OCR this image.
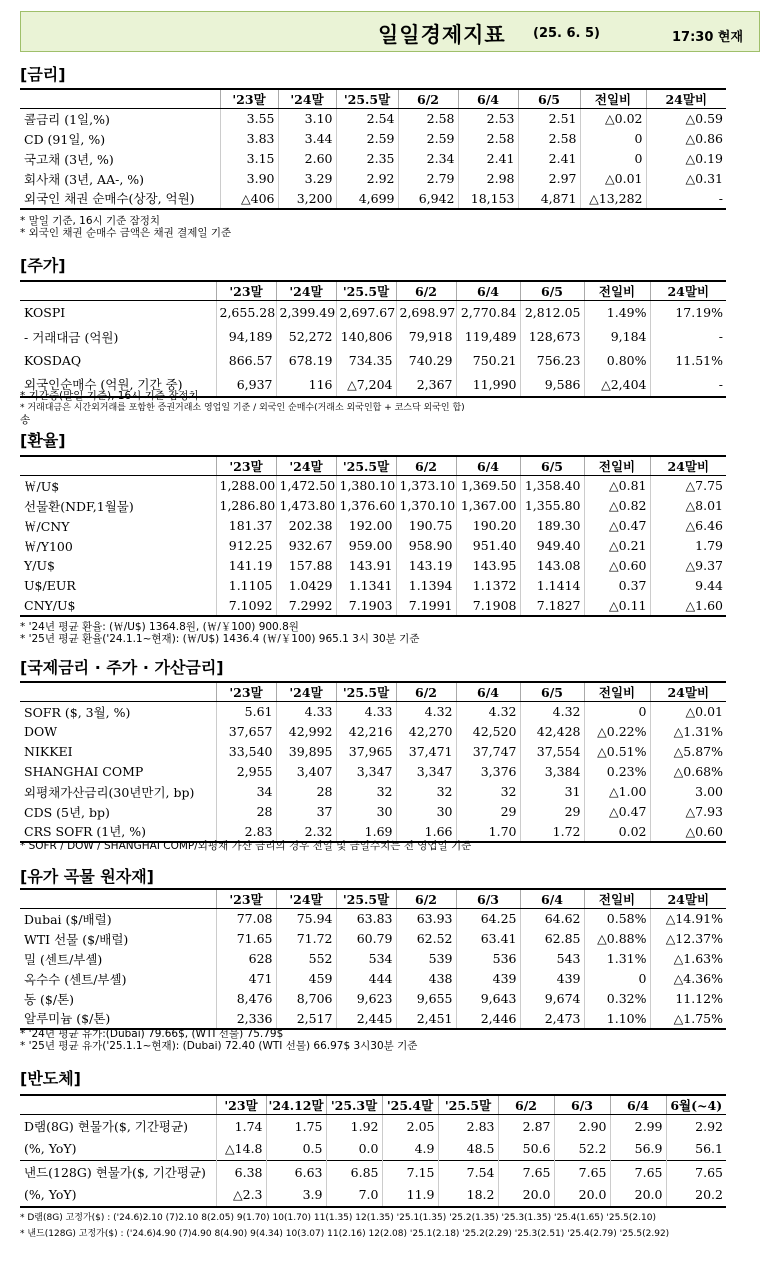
일일경제지표 (25. 6. 5)	17:30 현재
[금리]
	'23말	'24말	'25.5말	6/2	6/4	6/5	전일비	24말비
콜금리 (1일,%)	3.55	3.10	2.54	2.58	2.53	2.51	△0.02	△0.59
CD (91일, %)	3.83	3.44	2.59	2.59	2.58	2.58	0	△0.86
국고채 (3년, %)	3.15	2.60	2.35	2.34	2.41	2.41	0	△0.19
회사채 (3년, AA-, %)	3.90	3.29	2.92	2.79	2.98	2.97	△0.01	△0.31
외국인 채권 순매수(상장, 억원)	△406	3,200	4,699	6,942	18,153	4,871	△13,282	-
* 말일 기준, 16시 기준 잠정치
* 외국인 채권 순매수 금액은 채권 결제일 기준
[주가]
	'23말	'24말	'25.5말	6/2	6/4	6/5	전일비	24말비
KOSPI	2,655.28	2,399.49	2,697.67	2,698.97	2,770.84	2,812.05	1.49%	17.19%
- 거래대금 (억원)	94,189	52,272	140,806	79,918	119,489	128,673	9,184	-
KOSDAQ	866.57	678.19	734.35	740.29	750.21	756.23	0.80%	11.51%
외국인순매수 (억원, 기간 중)	6,937	116	△7,204	2,367	11,990	9,586	△2,404	-
* 기간중(말일 기준), 16시 기준 잠정치
* 거래대금은 시간외거래를 포함한 증권거래소 영업일 기준 / 외국인 순매수(거래소 외국인합 + 코스닥 외국인 합)
송
[환율]
	'23말	'24말	'25.5말	6/2	6/4	6/5	전일비	24말비
￦/U$	1,288.00	1,472.50	1,380.10	1,373.10	1,369.50	1,358.40	△0.81	△7.75
선물환(NDF,1월물)	1,286.80	1,473.80	1,376.60	1,370.10	1,367.00	1,355.80	△0.82	△8.01
￦/CNY	181.37	202.38	192.00	190.75	190.20	189.30	△0.47	△6.46
￦/Y100	912.25	932.67	959.00	958.90	951.40	949.40	△0.21	1.79
Y/U$	141.19	157.88	143.91	143.19	143.95	143.08	△0.60	△9.37
U$/EUR	1.1105	1.0429	1.1341	1.1394	1.1372	1.1414	0.37	9.44
CNY/U$	7.1092	7.2992	7.1903	7.1991	7.1908	7.1827	△0.11	△1.60
* '24년 평균 환율: (￦/U$) 1364.8원, (￦/￥100) 900.8원
* '25년 평균 환율('24.1.1~현재): (￦/U$) 1436.4 (￦/￥100) 965.1 3시 30분 기준
[국제금리 · 주가 · 가산금리]
	'23말	'24말	'25.5말	6/2	6/4	6/5	전일비	24말비
SOFR ($, 3월, %)	5.61	4.33	4.33	4.32	4.32	4.32	0	△0.01
DOW	37,657	42,992	42,216	42,270	42,520	42,428	△0.22%	△1.31%
NIKKEI	33,540	39,895	37,965	37,471	37,747	37,554	△0.51%	△5.87%
SHANGHAI COMP	2,955	3,407	3,347	3,347	3,376	3,384	0.23%	△0.68%
외평채가산금리(30년만기, bp)	34	28	32	32	32	31	△1.00	3.00
CDS (5년, bp)	28	37	30	30	29	29	△0.47	△7.93
CRS SOFR (1년, %)	2.83	2.32	1.69	1.66	1.70	1.72	0.02	△0.60
* SOFR / DOW / SHANGHAI COMP/외평채 가산 금리의 경우 전일 및 금일수치는 전 영업일 기준
[유가 곡물 원자재]
	'23말	'24말	'25.5말	6/2	6/3	6/4	전일비	24말비
Dubai ($/배럴)	77.08	75.94	63.83	63.93	64.25	64.62	0.58%	△14.91%
WTI 선물 ($/배럴)	71.65	71.72	60.79	62.52	63.41	62.85	△0.88%	△12.37%
밀 (센트/부셸)	628	552	534	539	536	543	1.31%	△1.63%
옥수수 (센트/부셸)	471	459	444	438	439	439	0	△4.36%
동 ($/톤)	8,476	8,706	9,623	9,655	9,643	9,674	0.32%	11.12%
알루미늄 ($/톤)	2,336	2,517	2,445	2,451	2,446	2,473	1.10%	△1.75%
* '24년 평균 유가:(Dubai) 79.66$, (WTI 선물) 75.79$
* '25년 평균 유가('25.1.1~현재): (Dubai) 72.40 (WTI 선물) 66.97$ 3시30분 기준
[반도체]
	'23말	'24.12말	'25.3말	'25.4말	'25.5말	6/2	6/3	6/4	6월(~4)
D램(8G) 현물가($, 기간평균)	1.74	1.75	1.92	2.05	2.83	2.87	2.90	2.99	2.92
(%, YoY)	△14.8	0.5	0.0	4.9	48.5	50.6	52.2	56.9	56.1
낸드(128G) 현물가($, 기간평균)	6.38	6.63	6.85	7.15	7.54	7.65	7.65	7.65	7.65
(%, YoY)	△2.3	3.9	7.0	11.9	18.2	20.0	20.0	20.0	20.2
* D램(8G) 고정가($) : ('24.6)2.10 (7)2.10 8(2.05) 9(1.70) 10(1.70) 11(1.35) 12(1.35) '25.1(1.35) '25.2(1.35) '25.3(1.35) '25.4(1.65) '25.5(2.10)
* 낸드(128G) 고정가($) : ('24.6)4.90 (7)4.90 8(4.90) 9(4.34) 10(3.07) 11(2.16) 12(2.08) '25.1(2.18) '25.2(2.29) '25.3(2.51) '25.4(2.79) '25.5(2.92)
